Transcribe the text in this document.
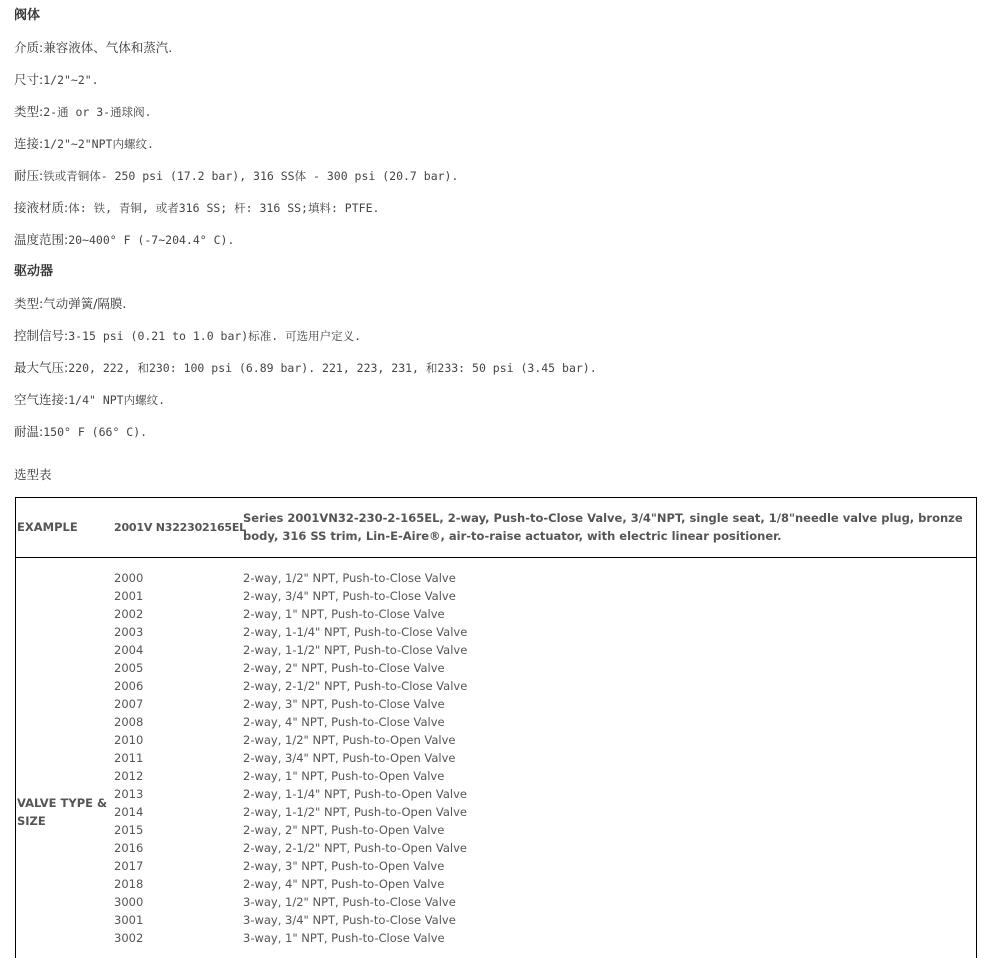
阀体
介质:兼容液体、气体和蒸汽.
尺寸:1/2"~2".
类型:2-通 or 3-通球阀.
连接:1/2"~2"NPT内螺纹.
耐压:铁或青铜体- 250 psi (17.2 bar), 316 SS体 - 300 psi (20.7 bar).
接液材质:体: 铁, 青铜, 或者316 SS; 杆: 316 SS;填料: PTFE.
温度范围:20~400° F (-7~204.4° C).
驱动器
类型:气动弹簧/隔膜.
控制信号:3-15 psi (0.21 to 1.0 bar)标准. 可选用户定义.
最大气压:220, 222, 和230: 100 psi (6.89 bar). 221, 223, 231, 和233: 50 psi (3.45 bar).
空气连接:1/4" NPT内螺纹.
耐温:150° F (66° C).
选型表
EXAMPLE	2001V N322302165EL
Series 2001VN32-230-2-165EL, 2-way, Push-to-Close Valve, 3/4"NPT, single seat, 1/8"needle valve plug, bronze body, 316 SS trim, Lin-E-Aire®, air-to-raise actuator, with electric linear positioner.
VALVE TYPE & SIZE
2000	2-way, 1/2" NPT, Push-to-Close Valve
2001	2-way, 3/4" NPT, Push-to-Close Valve
2002	2-way, 1" NPT, Push-to-Close Valve
2003	2-way, 1-1/4" NPT, Push-to-Close Valve
2004	2-way, 1-1/2" NPT, Push-to-Close Valve
2005	2-way, 2" NPT, Push-to-Close Valve
2006	2-way, 2-1/2" NPT, Push-to-Close Valve
2007	2-way, 3" NPT, Push-to-Close Valve
2008	2-way, 4" NPT, Push-to-Close Valve
2010	2-way, 1/2" NPT, Push-to-Open Valve
2011	2-way, 3/4" NPT, Push-to-Open Valve
2012	2-way, 1" NPT, Push-to-Open Valve
2013	2-way, 1-1/4" NPT, Push-to-Open Valve
2014	2-way, 1-1/2" NPT, Push-to-Open Valve
2015	2-way, 2" NPT, Push-to-Open Valve
2016	2-way, 2-1/2" NPT, Push-to-Open Valve
2017	2-way, 3" NPT, Push-to-Open Valve
2018	2-way, 4" NPT, Push-to-Open Valve
3000	3-way, 1/2" NPT, Push-to-Close Valve
3001	3-way, 3/4" NPT, Push-to-Close Valve
3002	3-way, 1" NPT, Push-to-Close Valve
